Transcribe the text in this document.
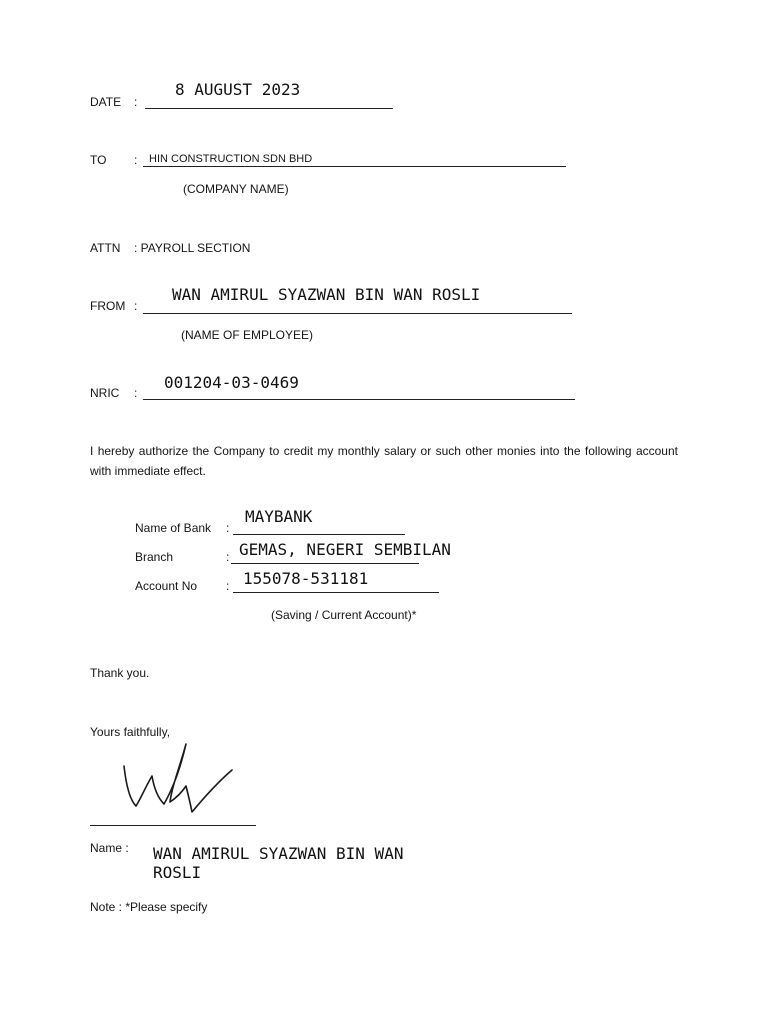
DATE :
8 AUGUST 2023
TO : HIN CONSTRUCTION SDN BHD
(COMPANY NAME)
ATTN : PAYROLL SECTION
FROM :
WAN AMIRUL SYAZWAN BIN WAN ROSLI
(NAME OF EMPLOYEE)
NRIC :
001204-03-0469
I hereby authorize the Company to credit my monthly salary or such other monies into the following account with immediate effect.
Name of Bank :
MAYBANK
Branch	: GEMAS, NEGERI SEMBILAN
Account No : 155078-531181
(Saving / Current Account)*
Thank you.
Yours faithfully,
Name : WAN AMIRUL SYAZWAN BIN WAN
ROSLI
Note : *Please specify
